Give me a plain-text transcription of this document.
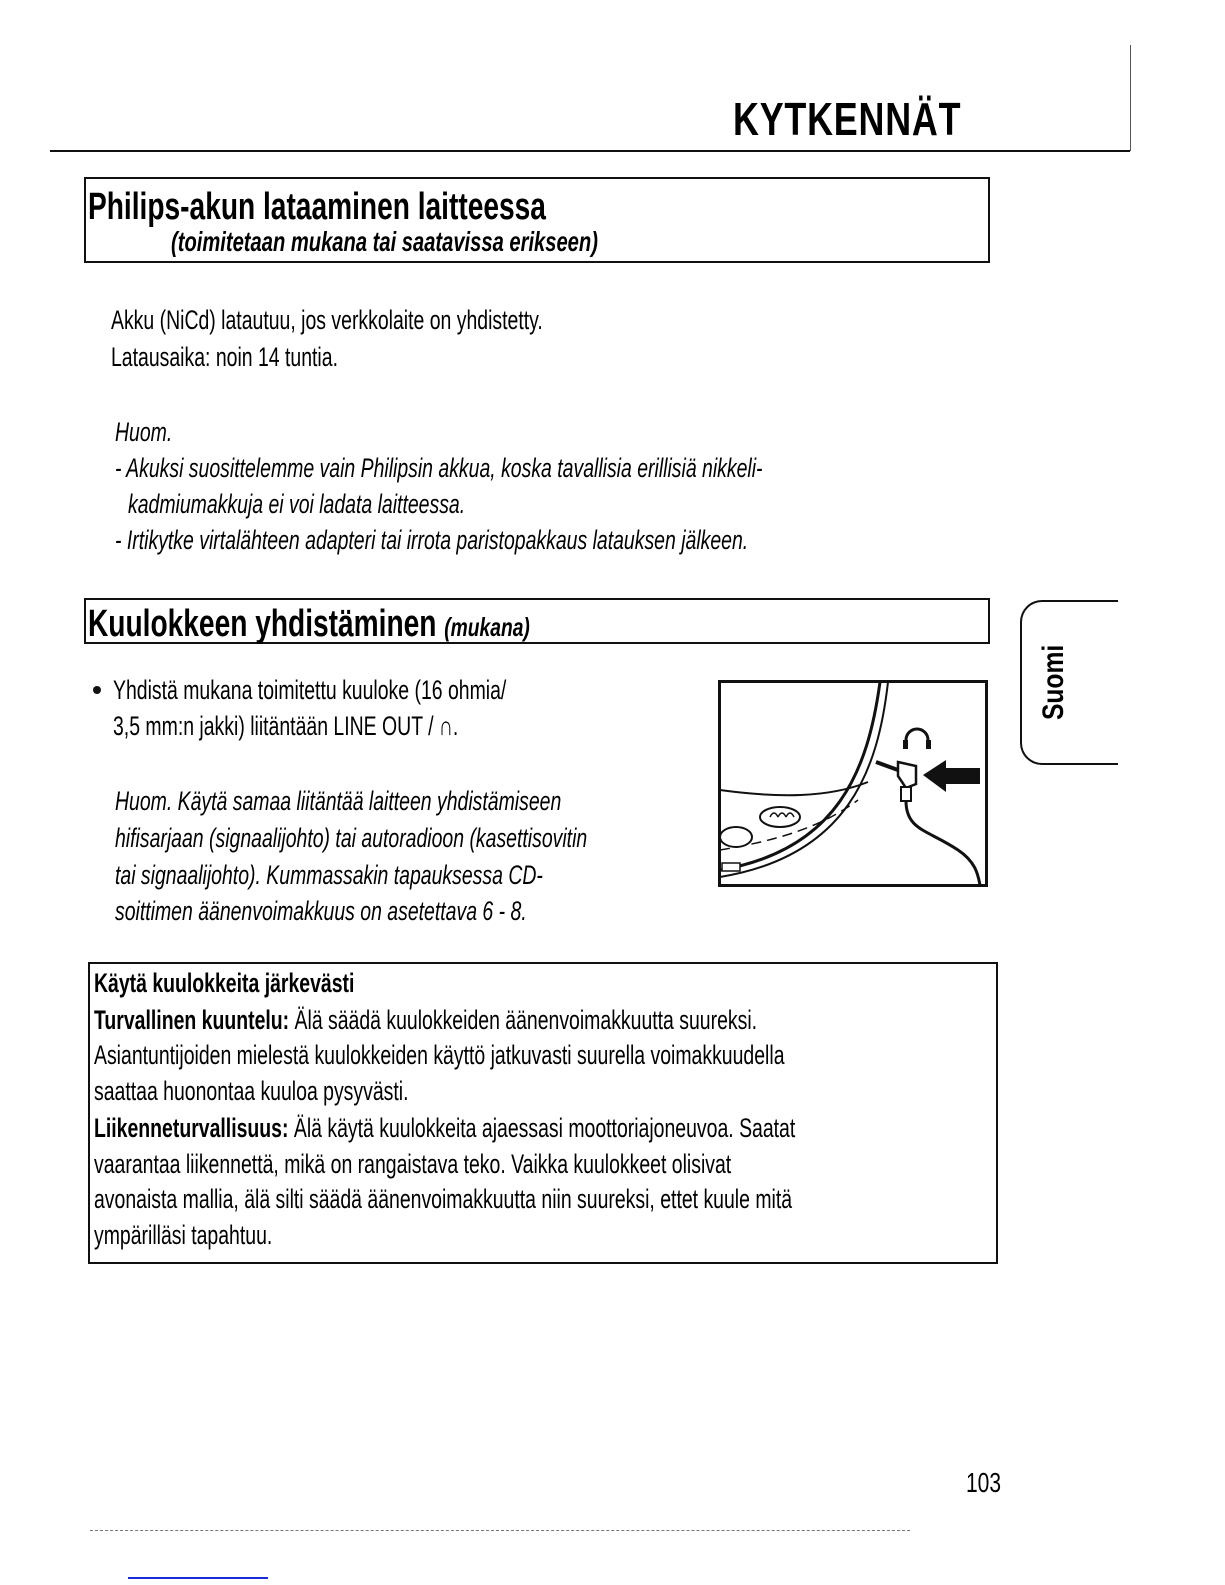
KYTKENNÄT
Philips-akun lataaminen laitteessa
(toimitetaan mukana tai saatavissa erikseen)
Akku (NiCd) latautuu, jos verkkolaite on yhdistetty.
Latausaika: noin 14 tuntia.
Huom.
- Akuksi suosittelemme vain Philipsin akkua, koska tavallisia erillisiä nikkeli-
kadmiumakkuja ei voi ladata laitteessa.
- Irtikytke virtalähteen adapteri tai irrota paristopakkaus latauksen jälkeen.
Kuulokkeen yhdistäminen (mukana)
Yhdistä mukana toimitettu kuuloke (16 ohmia/
3,5 mm:n jakki) liitäntään LINE OUT / ∩.
Huom. Käytä samaa liitäntää laitteen yhdistämiseen
hifisarjaan (signaalijohto) tai autoradioon (kasettisovitin
tai signaalijohto). Kummassakin tapauksessa CD-
soittimen äänenvoimakkuus on asetettava 6 - 8.
Suomi
Käytä kuulokkeita järkevästi
Turvallinen kuuntelu: Älä säädä kuulokkeiden äänenvoimakkuutta suureksi.
Asiantuntijoiden mielestä kuulokkeiden käyttö jatkuvasti suurella voimakkuudella
saattaa huonontaa kuuloa pysyvästi.
Liikenneturvallisuus: Älä käytä kuulokkeita ajaessasi moottoriajoneuvoa. Saatat
vaarantaa liikennettä, mikä on rangaistava teko. Vaikka kuulokkeet olisivat
avonaista mallia, älä silti säädä äänenvoimakkuutta niin suureksi, ettet kuule mitä
ympärilläsi tapahtuu.
103
